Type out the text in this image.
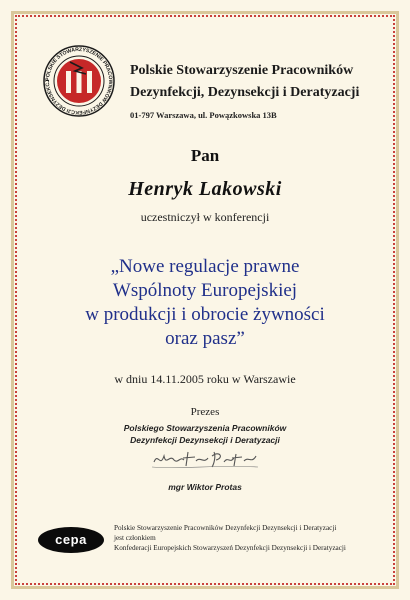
POLSKIE STOWARZYSZENIE PRACOWNIKÓW DEZYNFEKCJI DEZYNSEKCJ
Polskie Stowarzyszenie Pracowników
Dezynfekcji, Dezynsekcji i Deratyzacji
01-797 Warszawa, ul. Powązkowska 13B
Pan
Henryk Lakowski
uczestniczył w konferencji
„Nowe regulacje prawne
Wspólnoty Europejskiej
w produkcji i obrocie żywności
oraz pasz”
w dniu 14.11.2005 roku w Warszawie
Prezes
Polskiego Stowarzyszenia Pracowników
Dezynfekcji Dezynsekcji i Deratyzacji
mgr Wiktor Protas
cepa
Polskie Stowarzyszenie Pracowników Dezynfekcji Dezynsekcji i Deratyzacji
jest członkiem
Konfederacji Europejskich Stowarzyszeń Dezynfekcji Dezynsekcji i Deratyzacji
